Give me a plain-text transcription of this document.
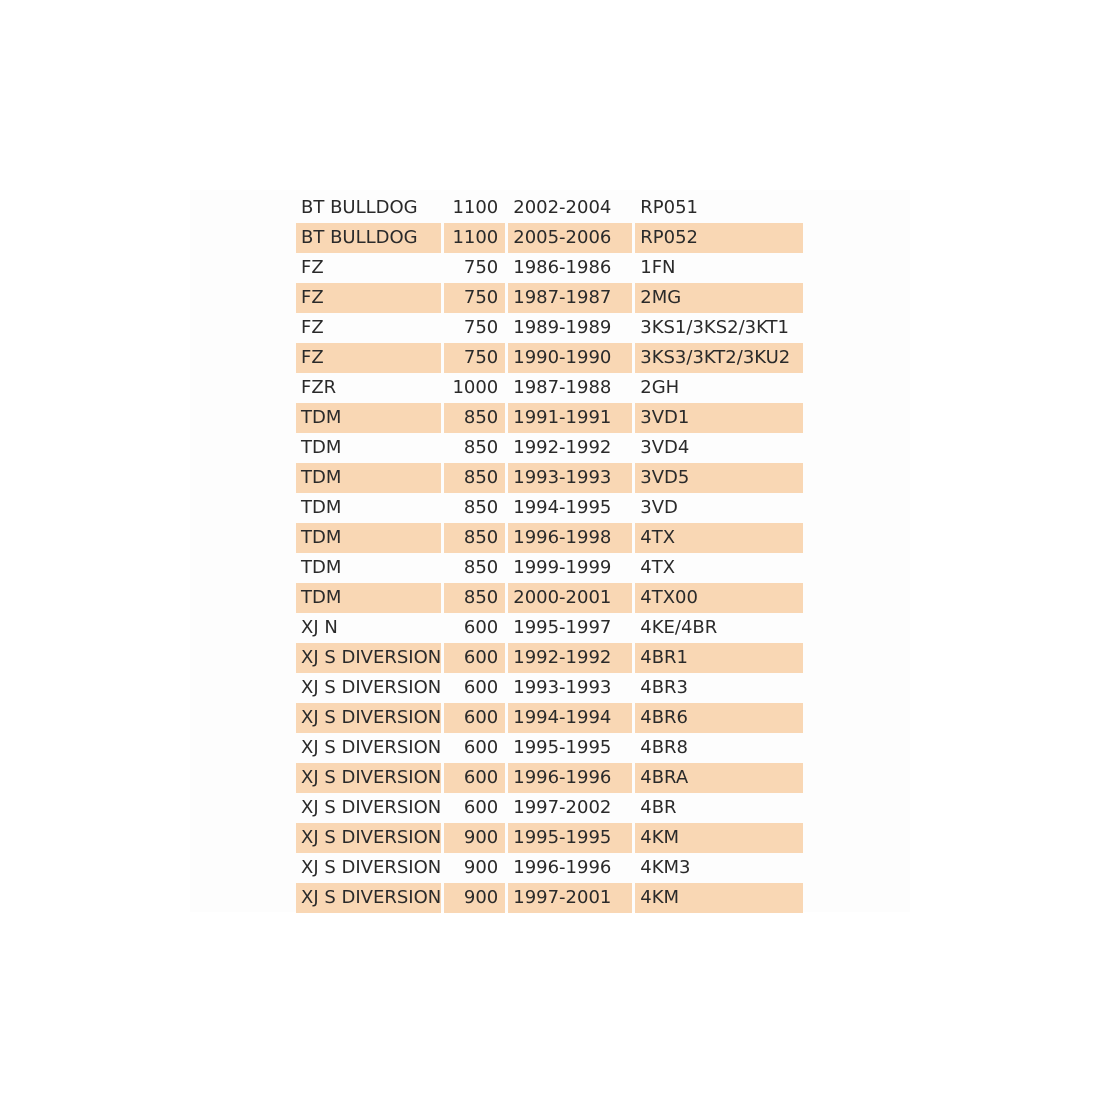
BT BULLDOG	1100	2002-2004	RP051
BT BULLDOG	1100	2005-2006	RP052
FZ	750	1986-1986	1FN
FZ	750	1987-1987	2MG
FZ	750	1989-1989	3KS1/3KS2/3KT1
FZ	750	1990-1990	3KS3/3KT2/3KU2
FZR	1000	1987-1988	2GH
TDM	850	1991-1991	3VD1
TDM	850	1992-1992	3VD4
TDM	850	1993-1993	3VD5
TDM	850	1994-1995	3VD
TDM	850	1996-1998	4TX
TDM	850	1999-1999	4TX
TDM	850	2000-2001	4TX00
XJ N	600	1995-1997	4KE/4BR
XJ S DIVERSION	600	1992-1992	4BR1
XJ S DIVERSION	600	1993-1993	4BR3
XJ S DIVERSION	600	1994-1994	4BR6
XJ S DIVERSION	600	1995-1995	4BR8
XJ S DIVERSION	600	1996-1996	4BRA
XJ S DIVERSION	600	1997-2002	4BR
XJ S DIVERSION	900	1995-1995	4KM
XJ S DIVERSION	900	1996-1996	4KM3
XJ S DIVERSION	900	1997-2001	4KM
